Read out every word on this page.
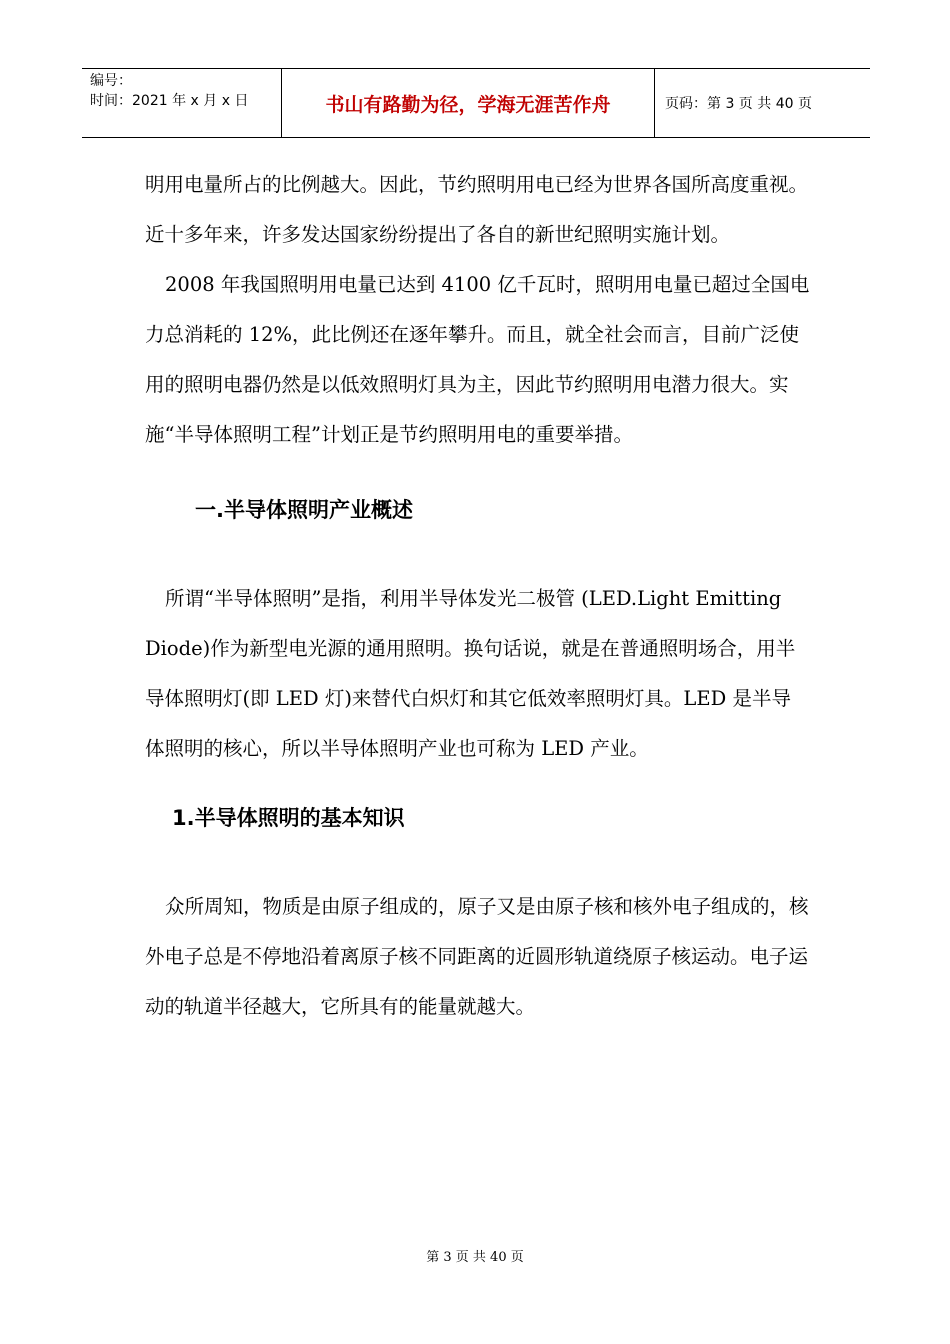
编号：
时间：2021 年 x 月 x 日	书山有路勤为径，学海无涯苦作舟	页码：第 3 页 共 40 页

明用电量所占的比例越大。因此，节约照明用电已经为世界各国所高度重视。近十多年来，许多发达国家纷纷提出了各自的新世纪照明实施计划。

2008 年我国照明用电量已达到 4100 亿千瓦时，照明用电量已超过全国电力总消耗的 12%，此比例还在逐年攀升。而且，就全社会而言，目前广泛使用的照明电器仍然是以低效照明灯具为主，因此节约照明用电潜力很大。实施“半导体照明工程”计划正是节约照明用电的重要举措。

一.半导体照明产业概述

所谓“半导体照明”是指，利用半导体发光二极管 (LED.Light Emitting Diode)作为新型电光源的通用照明。换句话说，就是在普通照明场合，用半导体照明灯(即 LED 灯)来替代白炽灯和其它低效率照明灯具。LED 是半导体照明的核心，所以半导体照明产业也可称为 LED 产业。

1.半导体照明的基本知识

众所周知，物质是由原子组成的，原子又是由原子核和核外电子组成的，核外电子总是不停地沿着离原子核不同距离的近圆形轨道绕原子核运动。电子运动的轨道半径越大，它所具有的能量就越大。

第 3 页 共 40 页
